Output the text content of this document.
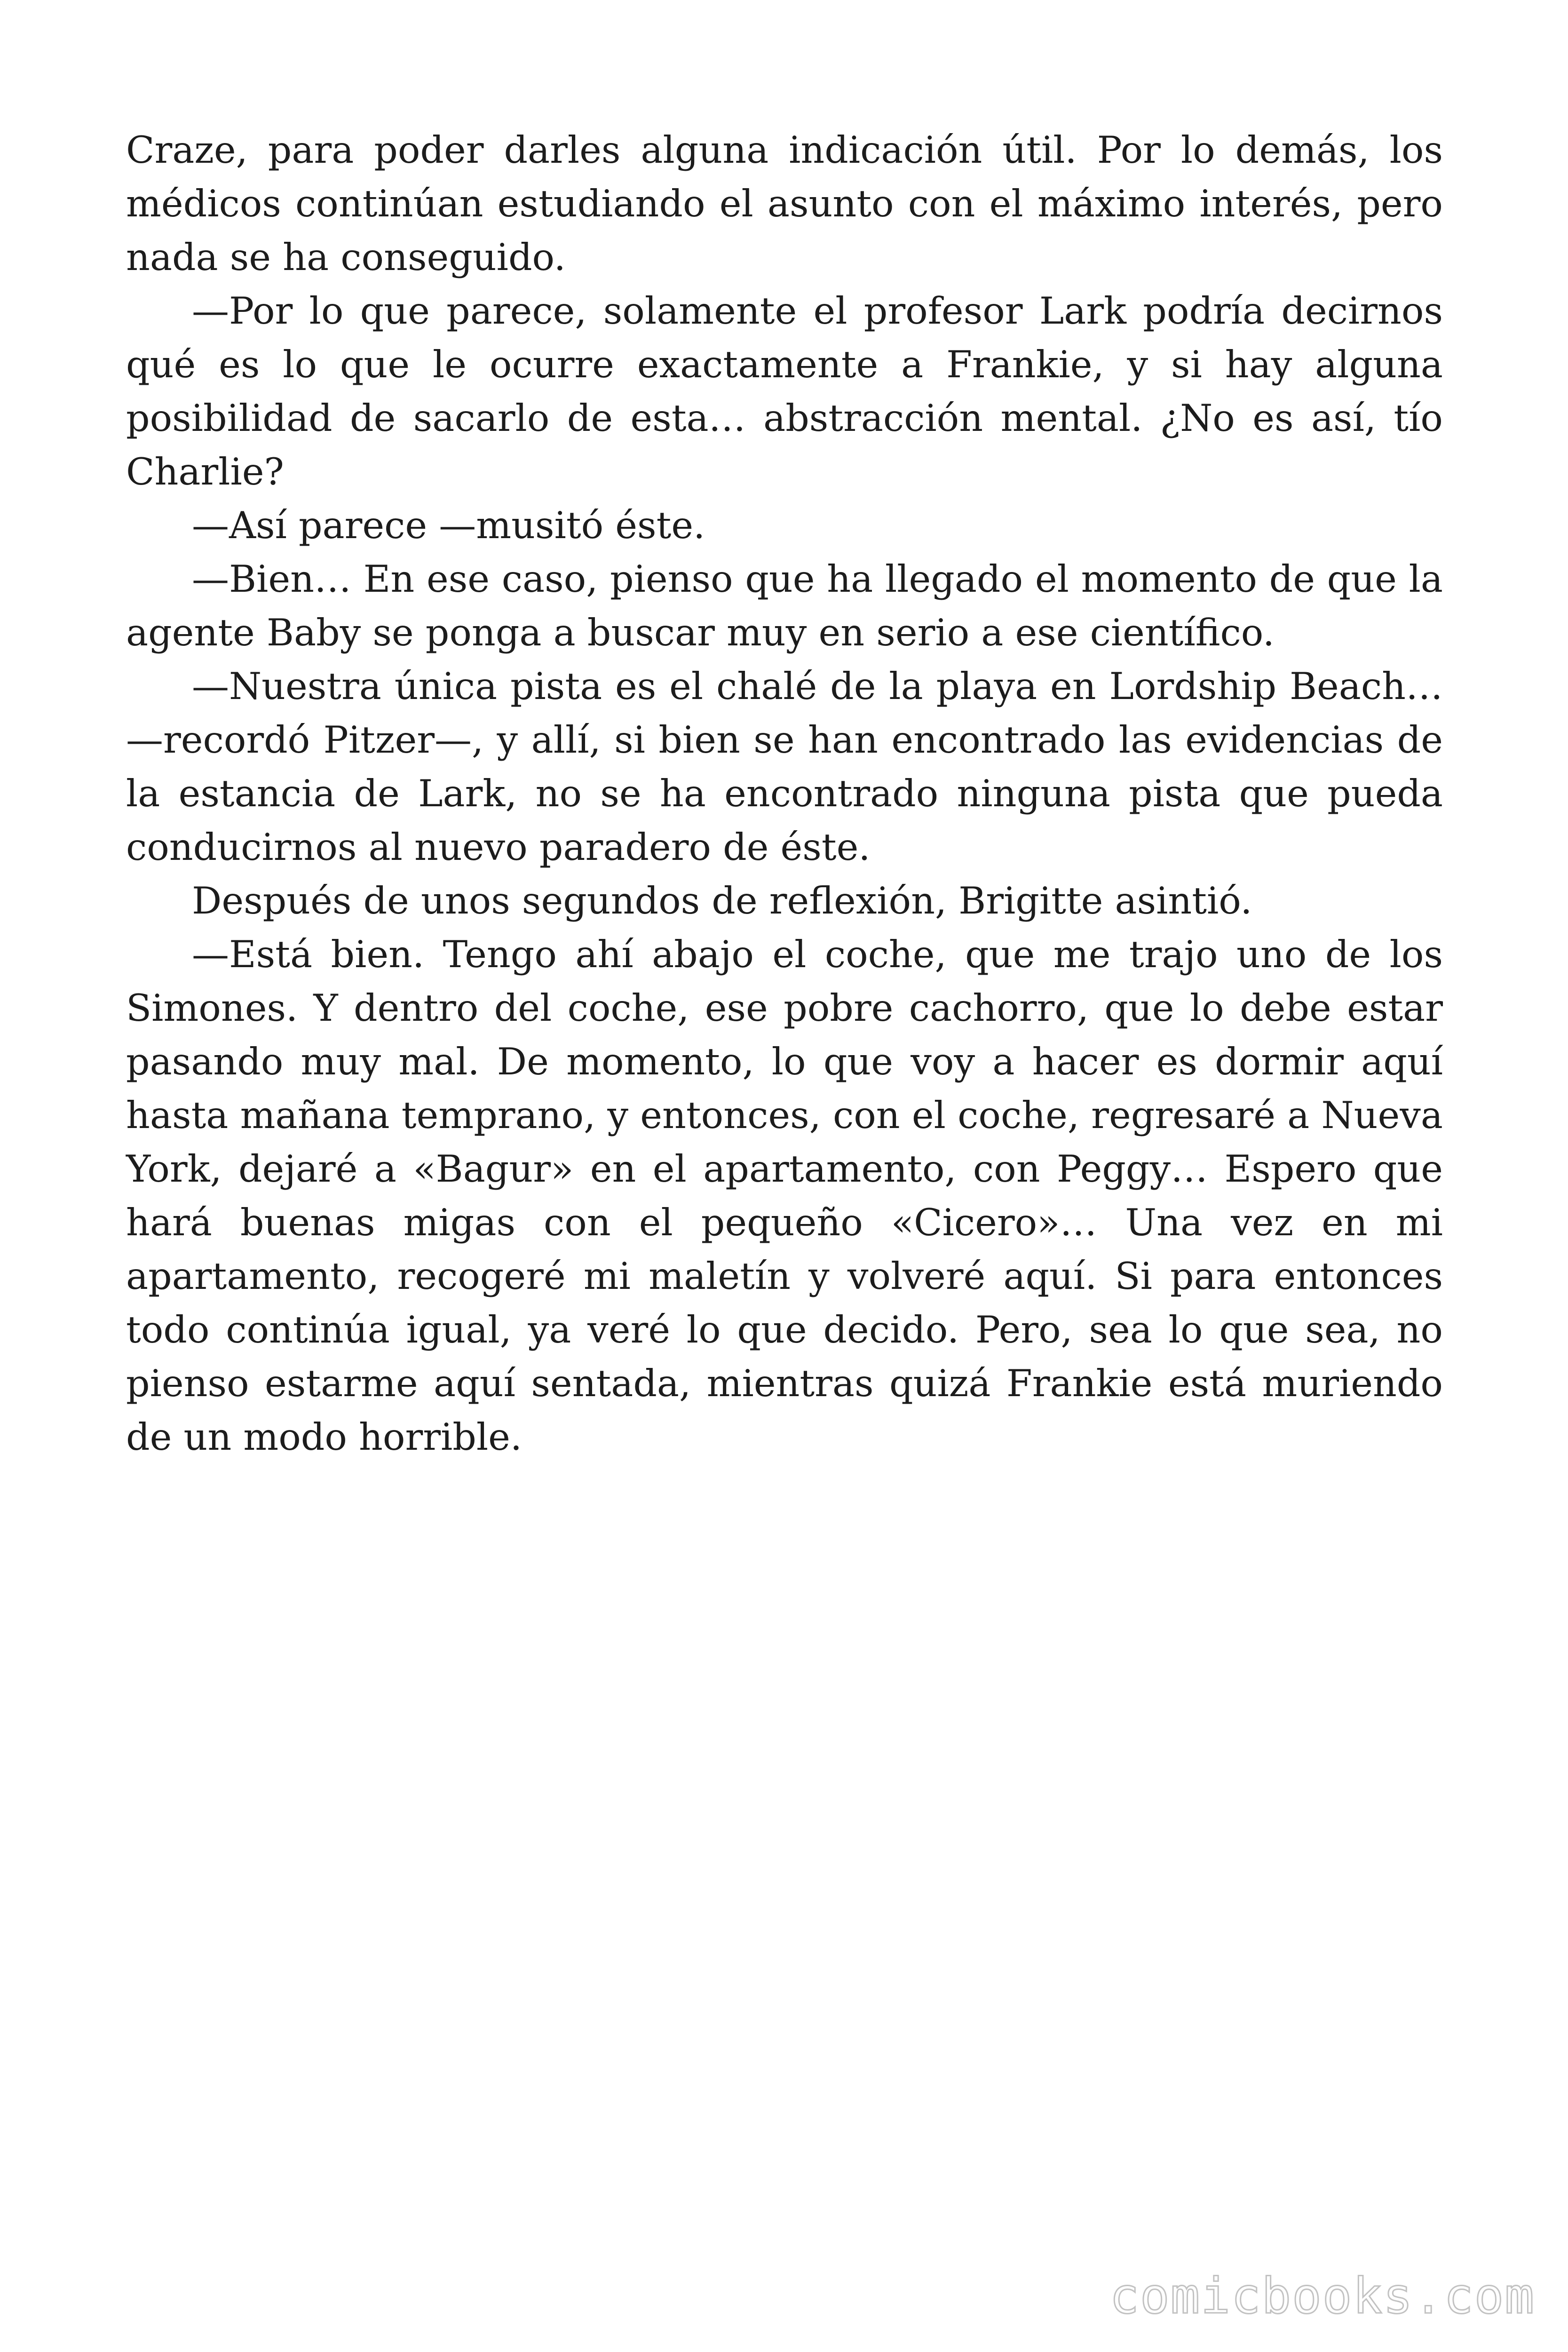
Craze, para poder darles alguna indicación útil. Por lo demás, los médicos continúan estudiando el asunto con el máximo interés, pero nada se ha conseguido.

—Por lo que parece, solamente el profesor Lark podría decirnos qué es lo que le ocurre exactamente a Frankie, y si hay alguna posibilidad de sacarlo de esta… abstracción mental. ¿No es así, tío Charlie?

—Así parece —musitó éste.

—Bien… En ese caso, pienso que ha llegado el momento de que la agente Baby se ponga a buscar muy en serio a ese científico.

—Nuestra única pista es el chalé de la playa en Lordship Beach… —recordó Pitzer—, y allí, si bien se han encontrado las evidencias de la estancia de Lark, no se ha encontrado ninguna pista que pueda conducirnos al nuevo paradero de éste.

Después de unos segundos de reflexión, Brigitte asintió.

—Está bien. Tengo ahí abajo el coche, que me trajo uno de los Simones. Y dentro del coche, ese pobre cachorro, que lo debe estar pasando muy mal. De momento, lo que voy a hacer es dormir aquí hasta mañana temprano, y entonces, con el coche, regresaré a Nueva York, dejaré a «Bagur» en el apartamento, con Peggy… Espero que hará buenas migas con el pequeño «Cicero»… Una vez en mi apartamento, recogeré mi maletín y volveré aquí. Si para entonces todo continúa igual, ya veré lo que decido. Pero, sea lo que sea, no pienso estarme aquí sentada, mientras quizá Frankie está muriendo de un modo horrible.

comicbooks.com
